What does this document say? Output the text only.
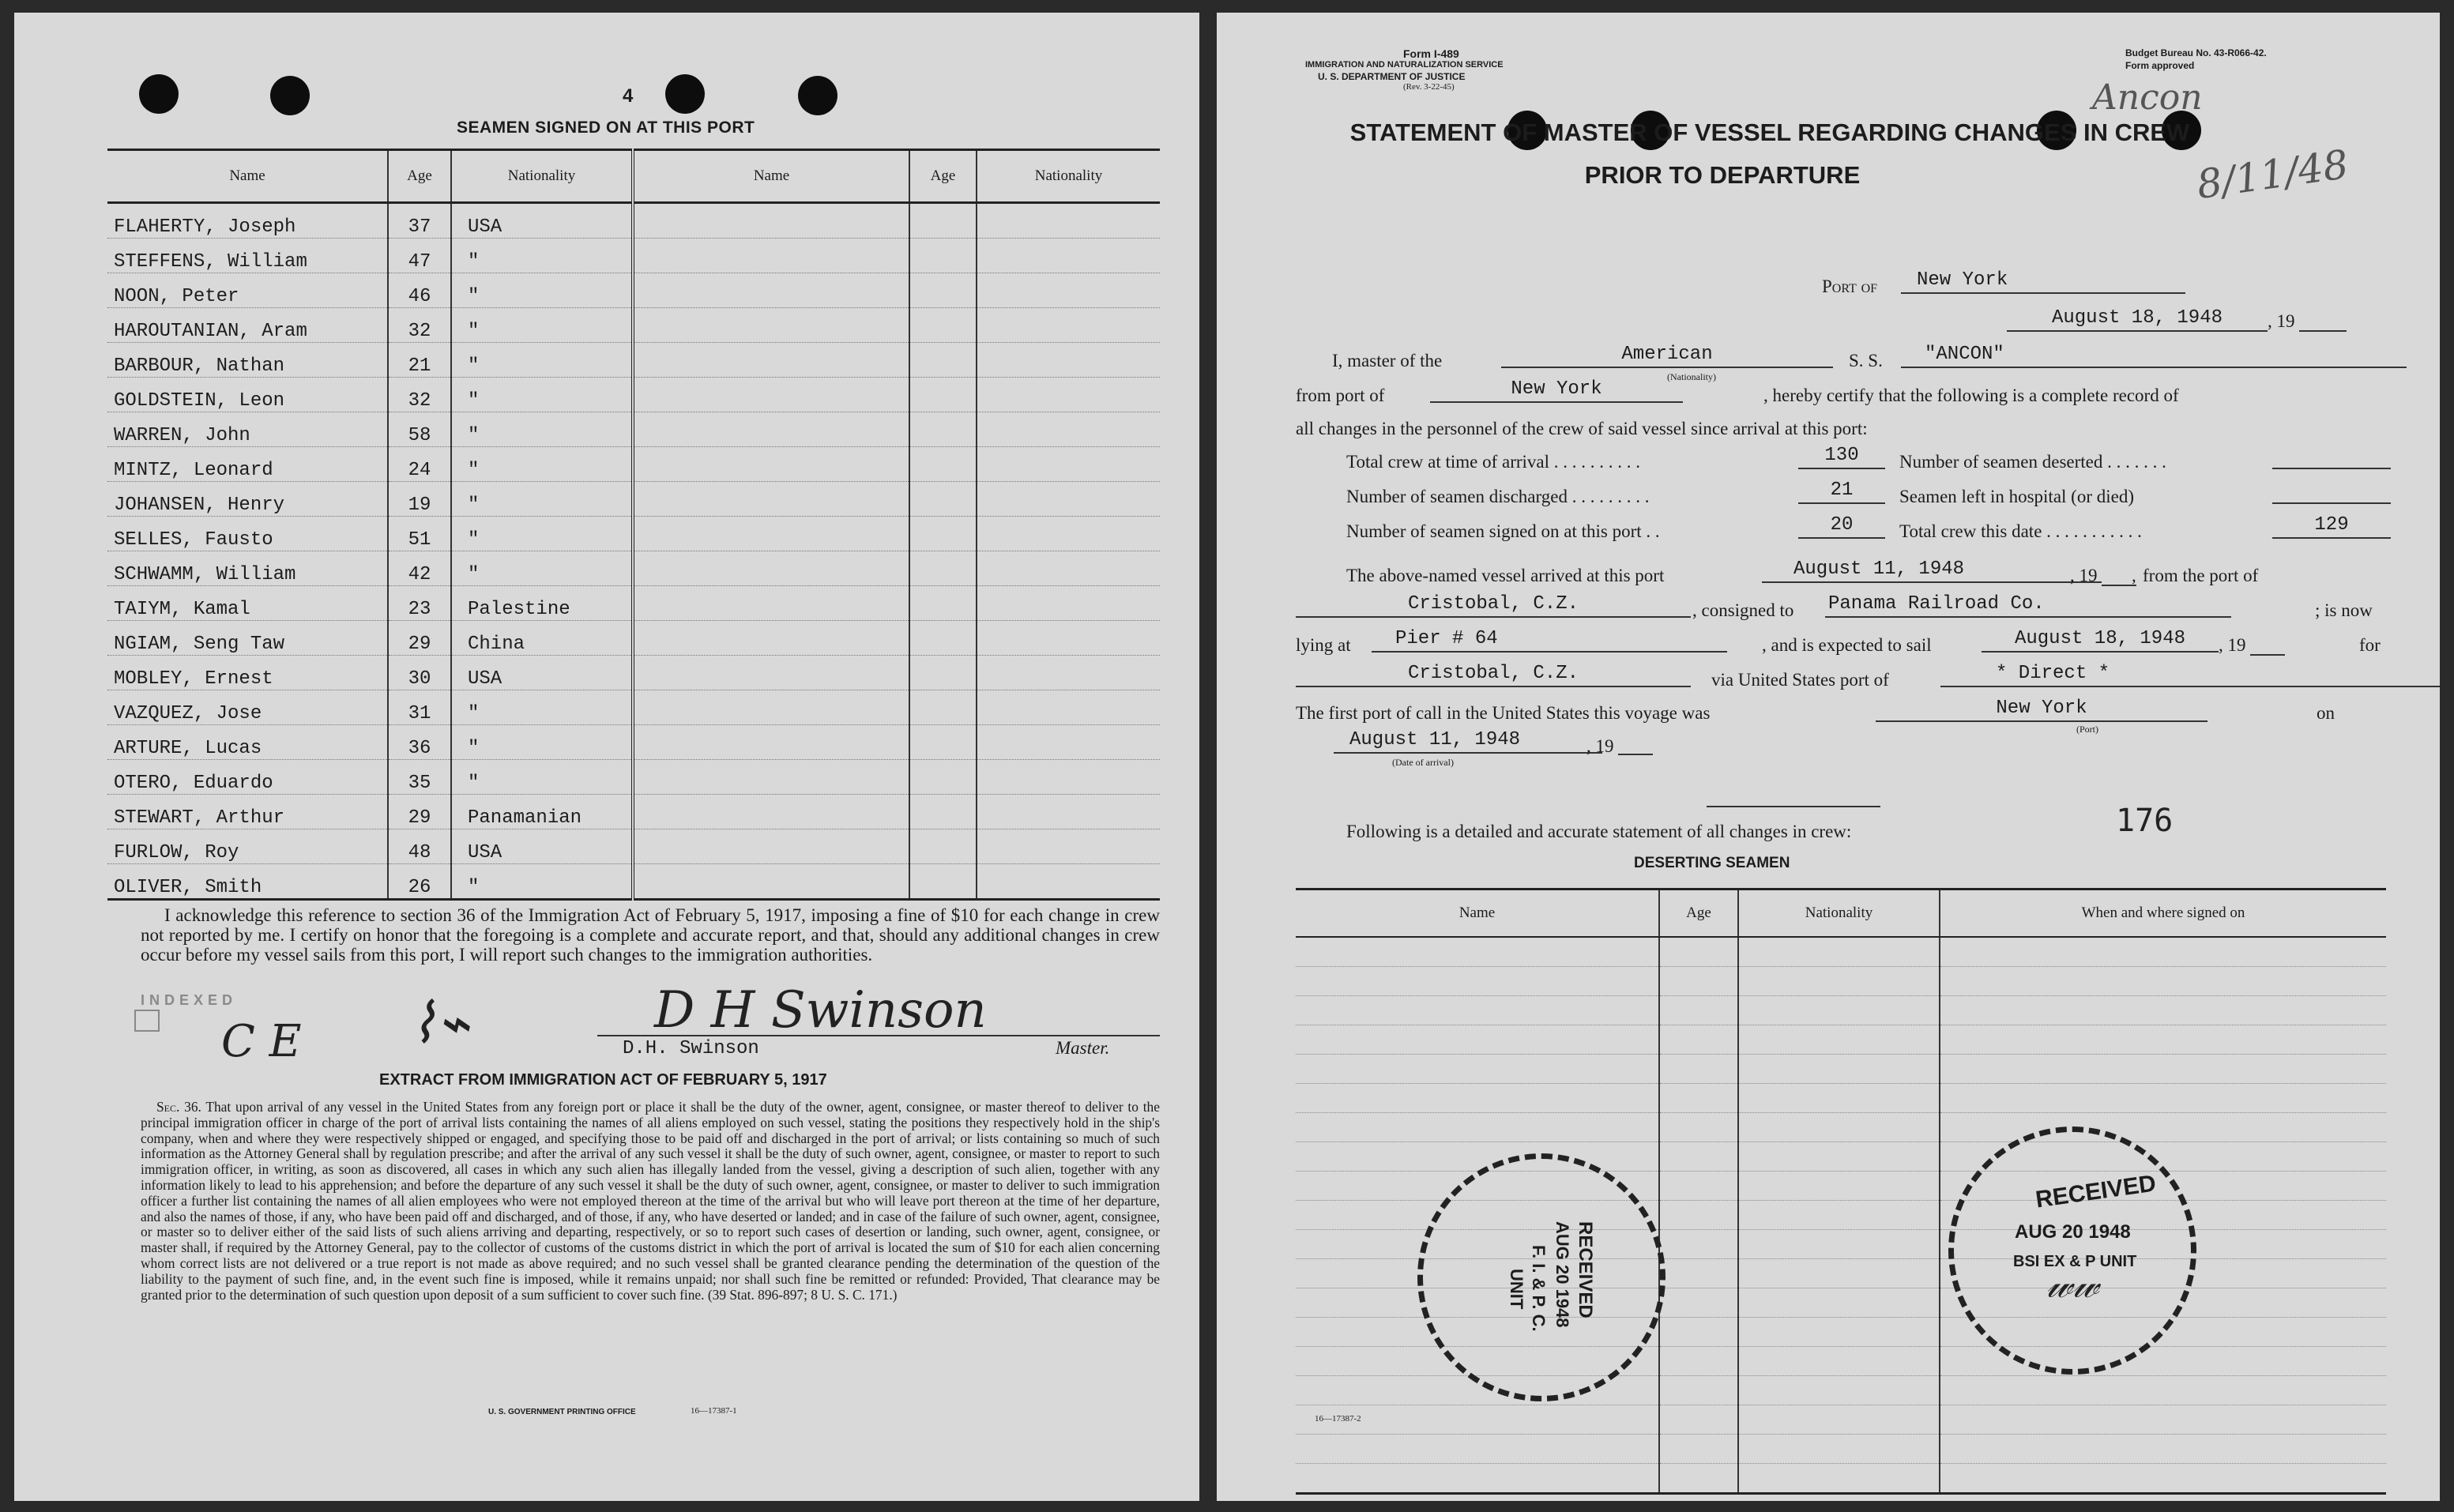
4
SEAMEN SIGNED ON AT THIS PORT
Name	Age	Nationality	Name	Age	Nationality
FLAHERTY, Joseph	37	USA			
STEFFENS, William	47	"			
NOON, Peter	46	"			
HAROUTANIAN, Aram	32	"			
BARBOUR, Nathan	21	"			
GOLDSTEIN, Leon	32	"			
WARREN, John	58	"			
MINTZ, Leonard	24	"			
JOHANSEN, Henry	19	"			
SELLES, Fausto	51	"			
SCHWAMM, William	42	"			
TAIYM, Kamal	23	Palestine			
NGIAM, Seng Taw	29	China			
MOBLEY, Ernest	30	USA			
VAZQUEZ, Jose	31	"			
ARTURE, Lucas	36	"			
OTERO, Eduardo	35	"			
STEWART, Arthur	29	Panamanian			
FURLOW, Roy	48	USA			
OLIVER, Smith	26	"			
I acknowledge this reference to section 36 of the Immigration Act of February 5, 1917, imposing a fine of $10 for each change in crew not reported by me. I certify on honor that the foregoing is a complete and accurate report, and that, should any additional changes in crew occur before my vessel sails from this port, I will report such changes to the immigration authorities.
INDEXED
C E ⌇⌁	D H Swinson
D.H. Swinson	Master.
EXTRACT FROM IMMIGRATION ACT OF FEBRUARY 5, 1917
Sec. 36. That upon arrival of any vessel in the United States from any foreign port or place it shall be the duty of the owner, agent, consignee, or master thereof to deliver to the principal immigration officer in charge of the port of arrival lists containing the names of all aliens employed on such vessel, stating the positions they respectively hold in the ship's company, when and where they were respectively shipped or engaged, and specifying those to be paid off and discharged in the port of arrival; or lists containing so much of such information as the Attorney General shall by regulation prescribe; and after the arrival of any such vessel it shall be the duty of such owner, agent, consignee, or master to report to such immigration officer, in writing, as soon as discovered, all cases in which any such alien has illegally landed from the vessel, giving a description of such alien, together with any information likely to lead to his apprehension; and before the departure of any such vessel it shall be the duty of such owner, agent, consignee, or master to deliver to such immigration officer a further list containing the names of all alien employees who were not employed thereon at the time of the arrival but who will leave port thereon at the time of her departure, and also the names of those, if any, who have been paid off and discharged, and of those, if any, who have deserted or landed; and in case of the failure of such owner, agent, consignee, or master so to deliver either of the said lists of such aliens arriving and departing, respectively, or so to report such cases of desertion or landing, such owner, agent, consignee, or master shall, if required by the Attorney General, pay to the collector of customs of the customs district in which the port of arrival is located the sum of $10 for each alien concerning whom correct lists are not delivered or a true report is not made as above required; and no such vessel shall be granted clearance pending the determination of the question of the liability to the payment of such fine, and, in the event such fine is imposed, while it remains unpaid; nor shall such fine be remitted or refunded: Provided, That clearance may be granted prior to the determination of such question upon deposit of a sum sufficient to cover such fine. (39 Stat. 896-897; 8 U. S. C. 171.)
U. S. GOVERNMENT PRINTING OFFICE	16—17387-1
Form I-489
IMMIGRATION AND NATURALIZATION SERVICE
U. S. DEPARTMENT OF JUSTICE
(Rev. 3-22-45)
Budget Bureau No. 43-R066-42.
Form approved
Ancon
8/11/48
STATEMENT OF MASTER OF VESSEL REGARDING CHANGES IN CREW
PRIOR TO DEPARTURE
Port of	New York
August 18, 1948	, 19
I, master of the	American
(Nationality)
S. S.	"ANCON"
from port of	New York	, hereby certify that the following is a complete record of
all changes in the personnel of the crew of said vessel since arrival at this port:
Total crew at time of arrival . . . . . . . . . .	130
Number of seamen discharged . . . . . . . . .	21
Number of seamen signed on at this port . .	20
Number of seamen deserted . . . . . . .
Seamen left in hospital (or died)
Total crew this date . . . . . . . . . . .	129
The above-named vessel arrived at this port	August 11, 1948	, 19	from the port of
,
Cristobal, C.Z.	, consigned to Panama Railroad Co.	; is now
lying at	Pier # 64	, and is expected to sail	August 18, 1948	, 19	for
Cristobal, C.Z.	via United States port of	* Direct *
The first port of call in the United States this voyage was	New York
(Port)
on
August 11, 1948	, 19
(Date of arrival)
Following is a detailed and accurate statement of all changes in crew:	176
DESERTING SEAMEN
Name	Age	Nationality	When and where signed on

RECEIVED
AUG 20 1948
F. I. & P. C.
UNIT
RECEIVED
AUG 20 1948
BSI EX & P UNIT
𝓌𝓌
16—17387-2
